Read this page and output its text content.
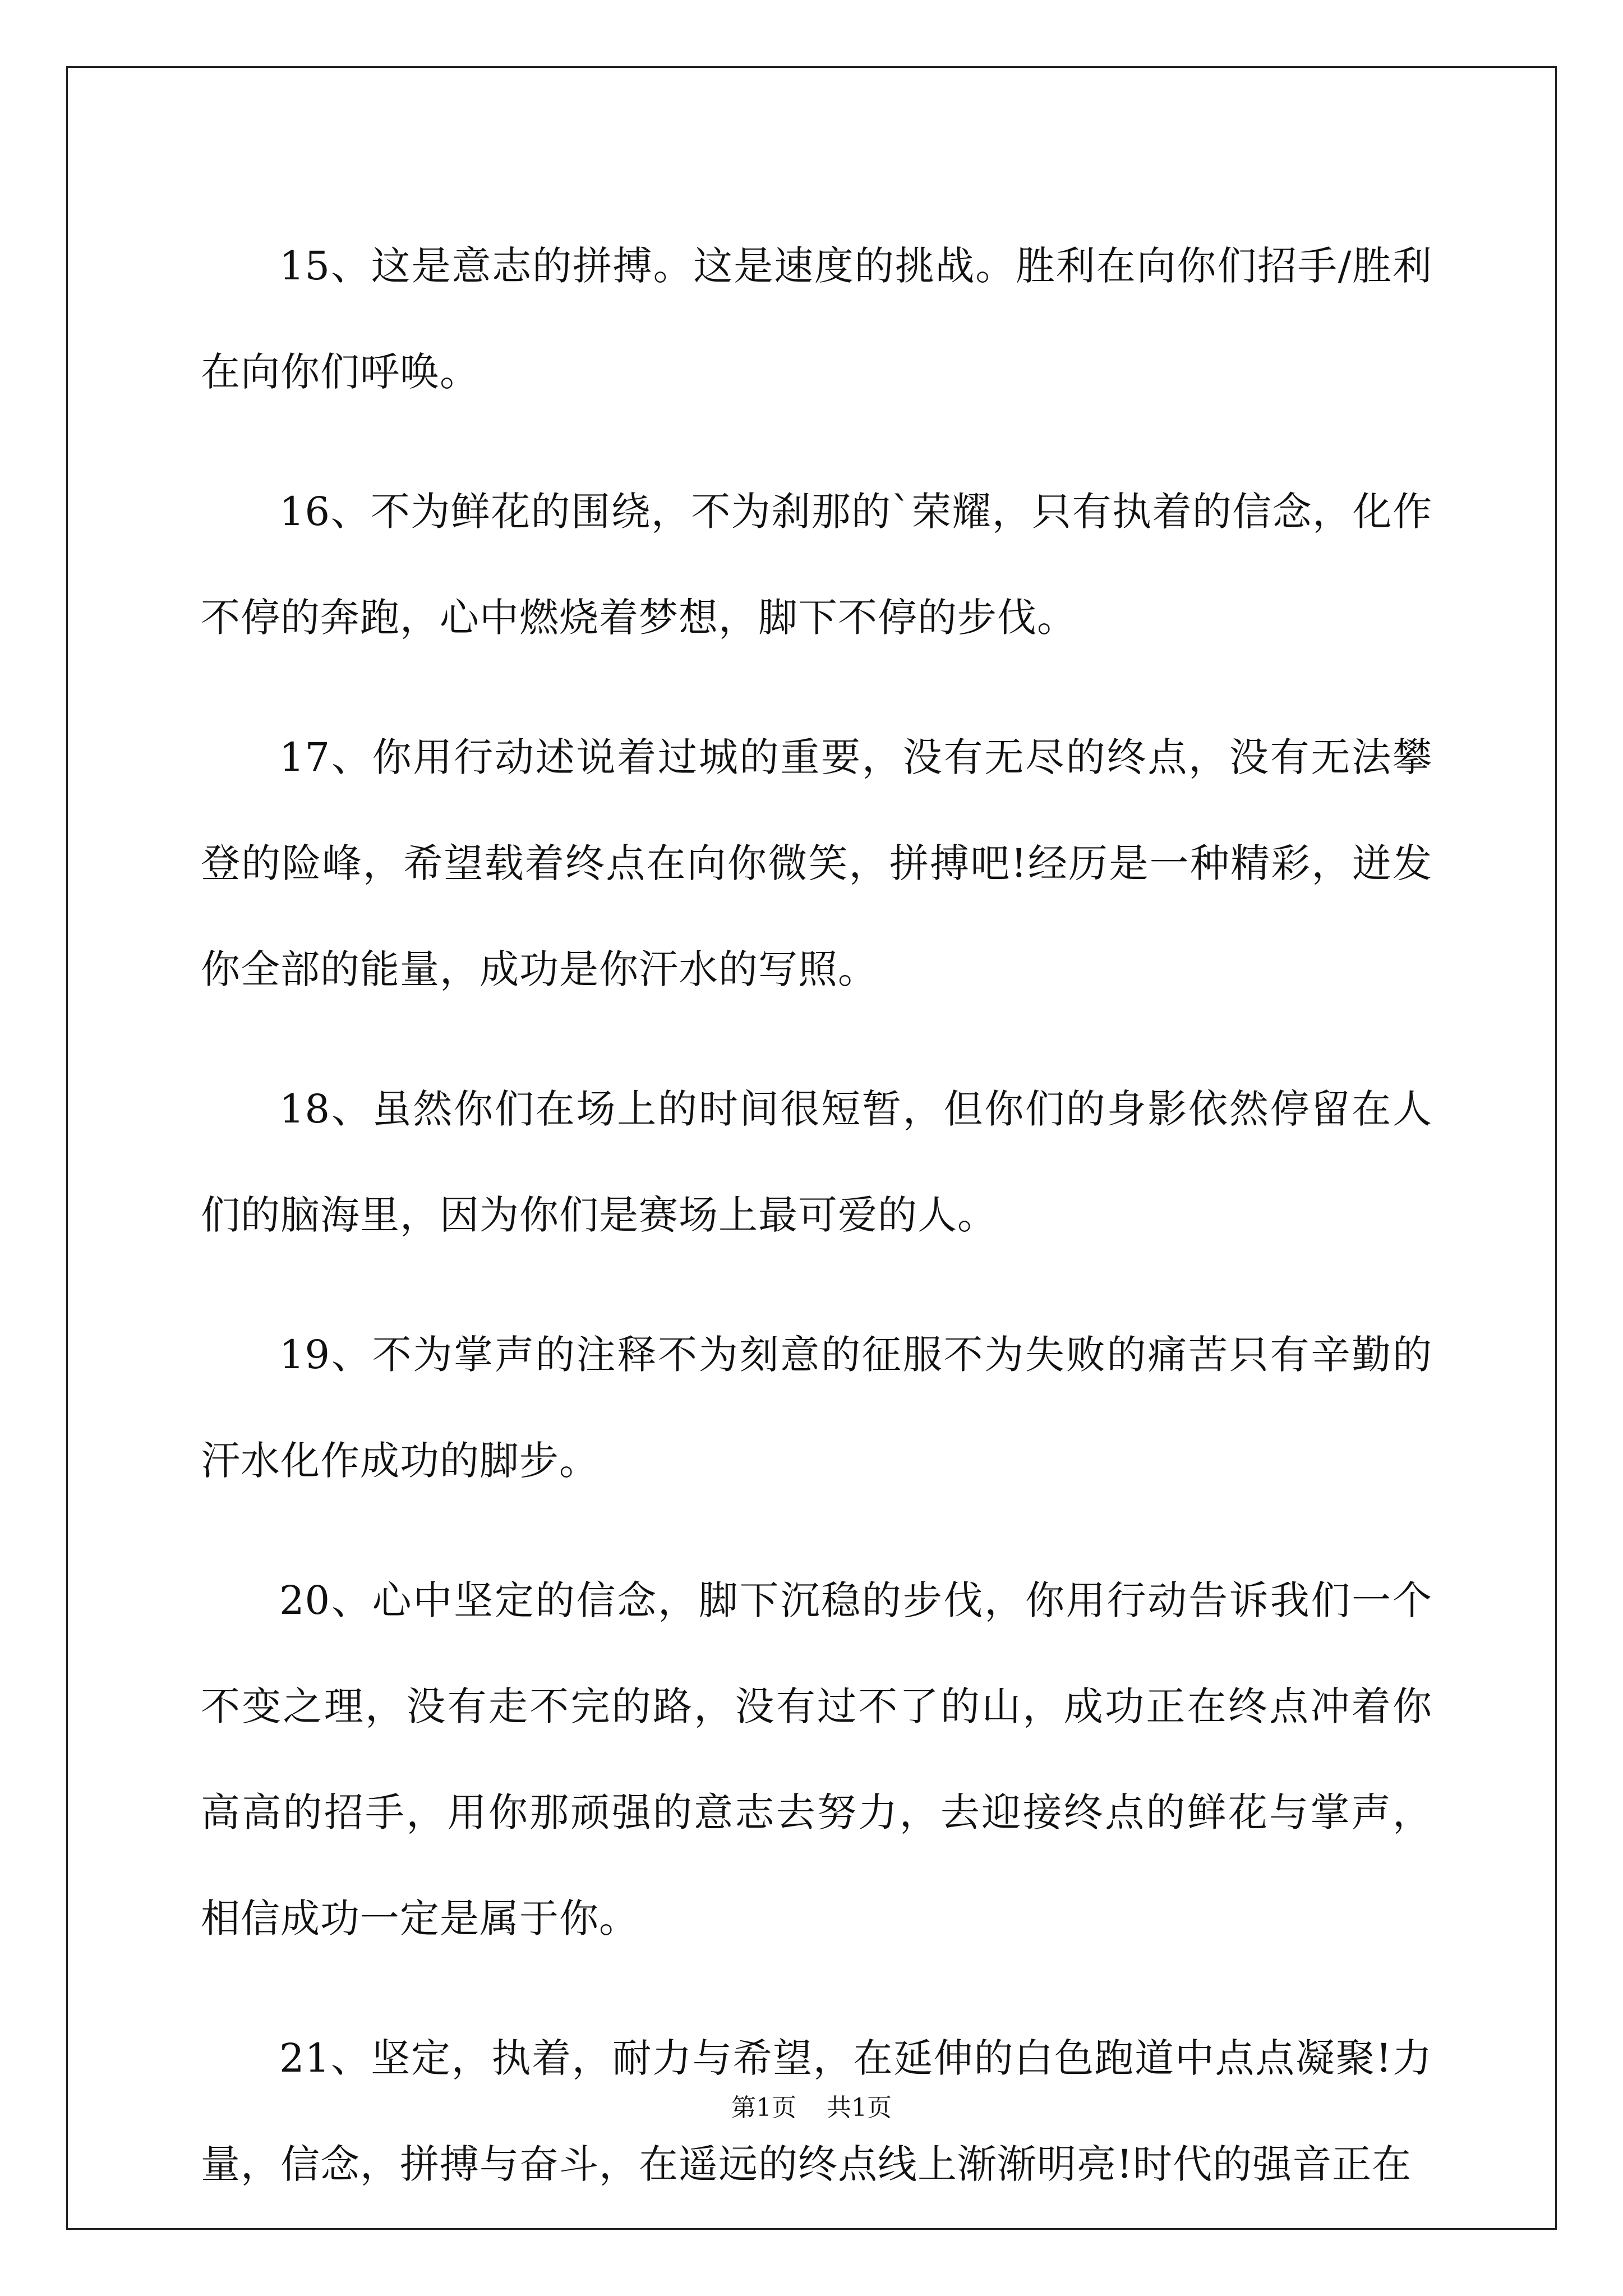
15、这是意志的拼搏。这是速度的挑战。胜利在向你们招手/胜利在向你们呼唤。

16、不为鲜花的围绕，不为刹那的`荣耀，只有执着的信念，化作不停的奔跑，心中燃烧着梦想，脚下不停的步伐。

17、你用行动述说着过城的重要，没有无尽的终点，没有无法攀登的险峰，希望载着终点在向你微笑，拼搏吧!经历是一种精彩，迸发你全部的能量，成功是你汗水的写照。

18、虽然你们在场上的时间很短暂，但你们的身影依然停留在人们的脑海里，因为你们是赛场上最可爱的人。

19、不为掌声的注释不为刻意的征服不为失败的痛苦只有辛勤的汗水化作成功的脚步。

20、心中坚定的信念，脚下沉稳的步伐，你用行动告诉我们一个不变之理，没有走不完的路，没有过不了的山，成功正在终点冲着你高高的招手，用你那顽强的意志去努力，去迎接终点的鲜花与掌声，相信成功一定是属于你。

21、坚定，执着，耐力与希望，在延伸的白色跑道中点点凝聚!力量，信念，拼搏与奋斗，在遥远的终点线上渐渐明亮!时代的强音正在

第1页 共1页
